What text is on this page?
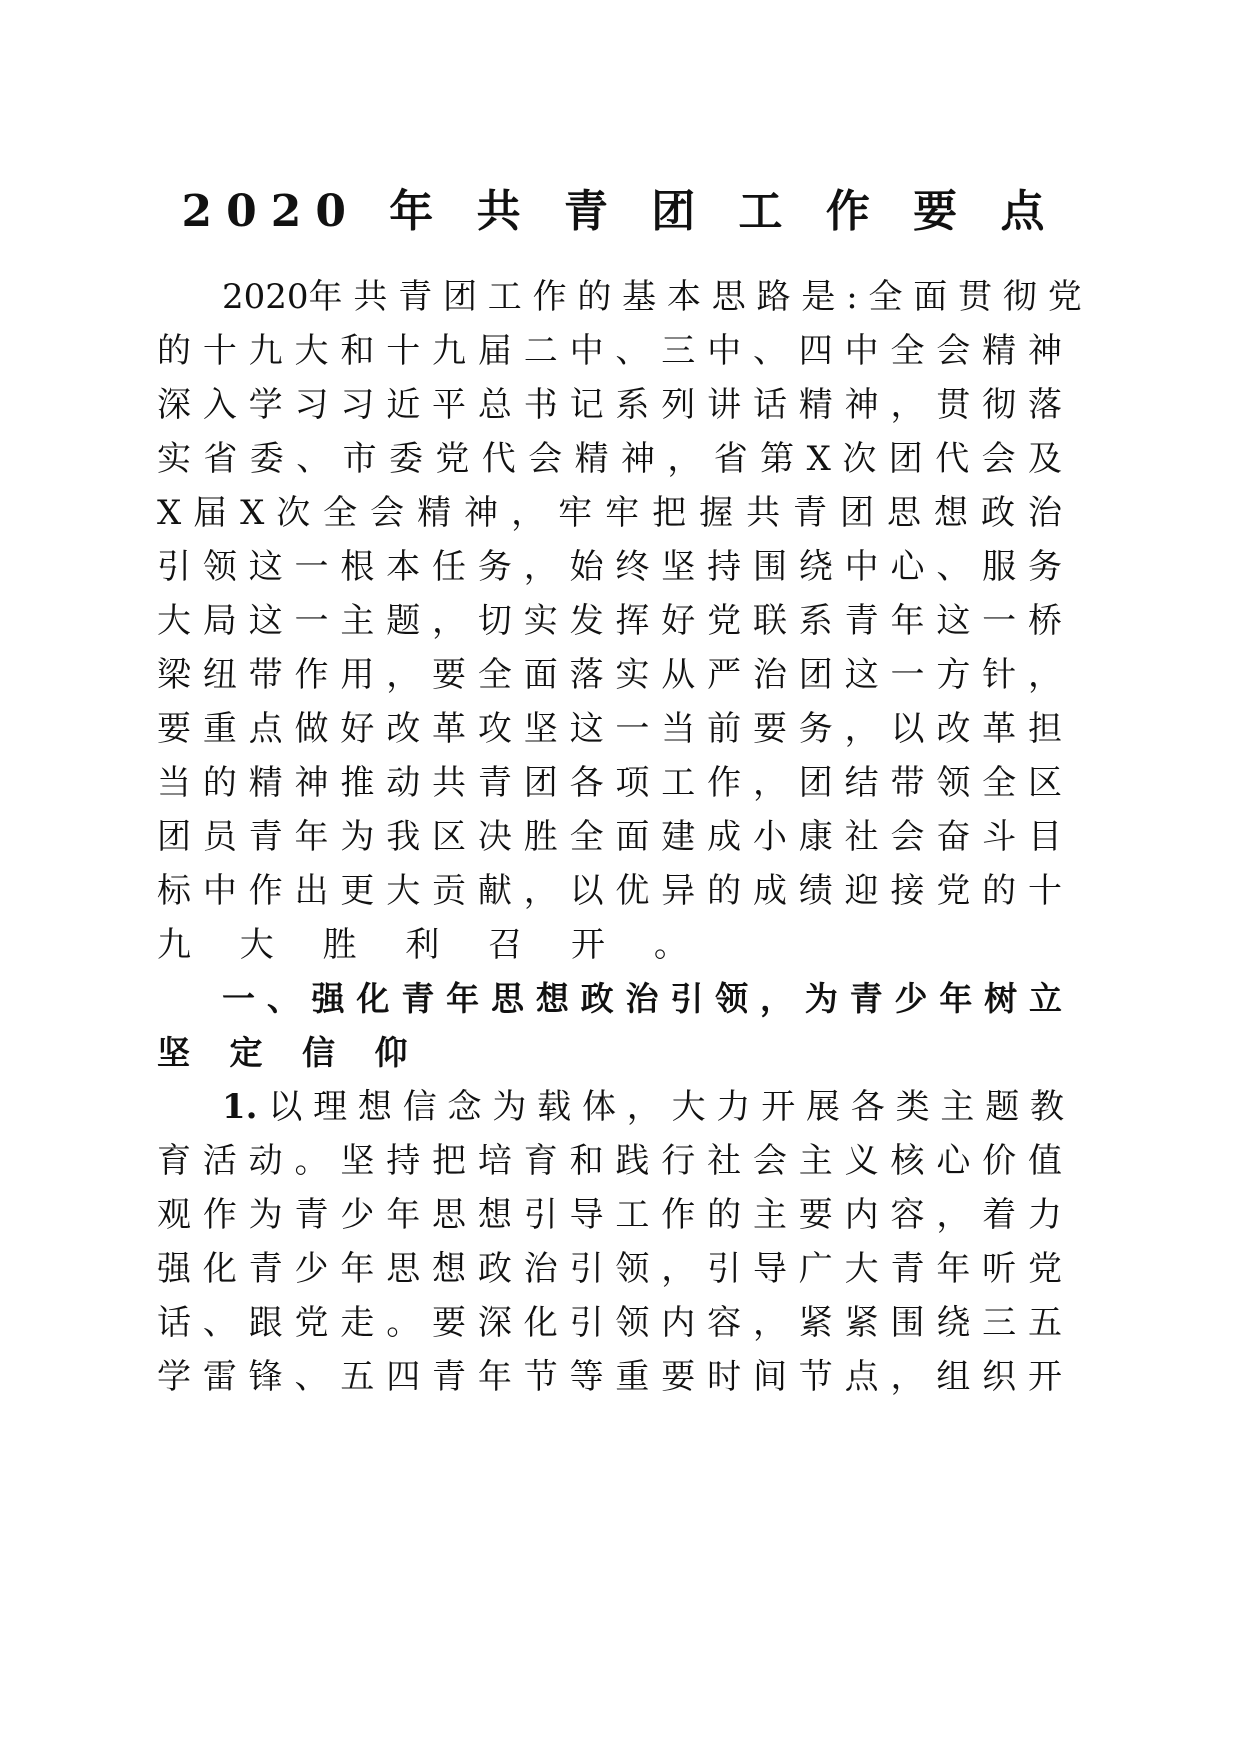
2020 年 共 青 团 工 作 要 点
2020年 共 青 团 工 作 的 基 本 思 路 是 : 全 面 贯 彻 党
的 十 九 大 和 十 九 届 二 中 、 三 中 、 四 中 全 会 精 神
深 入 学 习 习 近 平 总 书 记 系 列 讲 话 精 神 ， 贯 彻 落
实 省 委 、 市 委 党 代 会 精 神 ， 省 第 X 次 团 代 会 及
X 届 X 次 全 会 精 神 ， 牢 牢 把 握 共 青 团 思 想 政 治
引 领 这 一 根 本 任 务 ， 始 终 坚 持 围 绕 中 心 、 服 务
大 局 这 一 主 题 ， 切 实 发 挥 好 党 联 系 青 年 这 一 桥
梁 纽 带 作 用 ， 要 全 面 落 实 从 严 治 团 这 一 方 针 ，
要 重 点 做 好 改 革 攻 坚 这 一 当 前 要 务 ， 以 改 革 担
当 的 精 神 推 动 共 青 团 各 项 工 作 ， 团 结 带 领 全 区
团 员 青 年 为 我 区 决 胜 全 面 建 成 小 康 社 会 奋 斗 目
标 中 作 出 更 大 贡 献 ， 以 优 异 的 成 绩 迎 接 党 的 十
九 大 胜 利 召 开 。
一 、 强 化 青 年 思 想 政 治 引 领 ， 为 青 少 年 树 立
坚 定 信 仰
1. 以 理 想 信 念 为 载 体 ， 大 力 开 展 各 类 主 题 教
育 活 动 。 坚 持 把 培 育 和 践 行 社 会 主 义 核 心 价 值
观 作 为 青 少 年 思 想 引 导 工 作 的 主 要 内 容 ， 着 力
强 化 青 少 年 思 想 政 治 引 领 ， 引 导 广 大 青 年 听 党
话 、 跟 党 走 。 要 深 化 引 领 内 容 ， 紧 紧 围 绕 三 五
学 雷 锋 、 五 四 青 年 节 等 重 要 时 间 节 点 ， 组 织 开
